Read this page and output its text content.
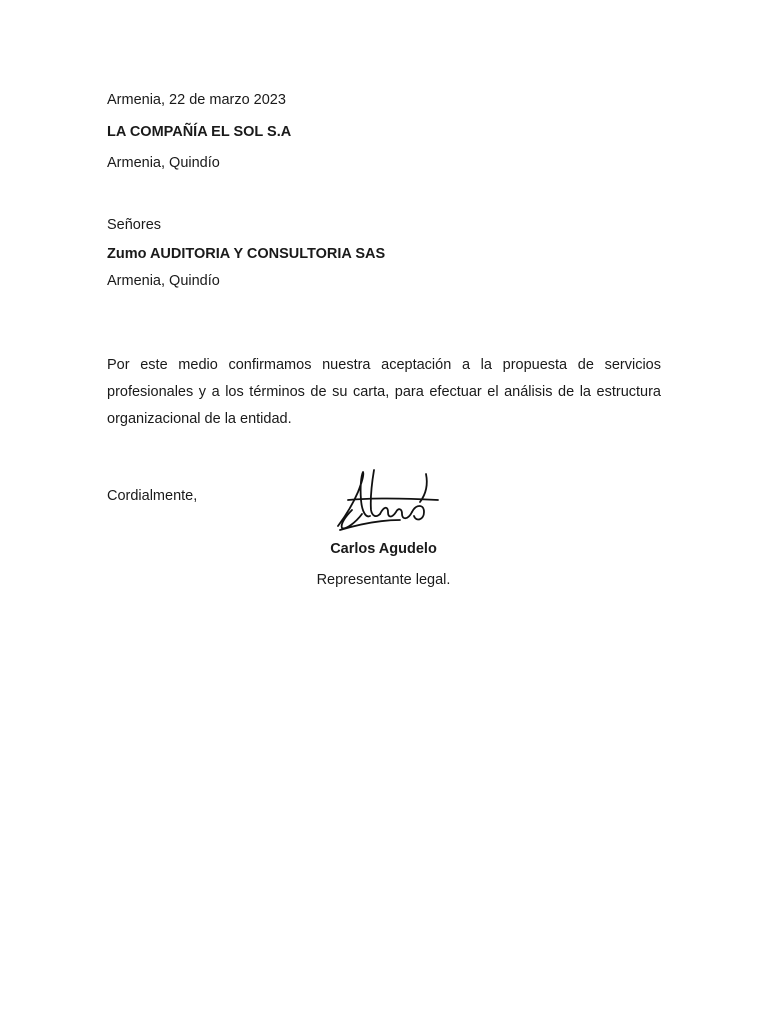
Armenia, 22 de marzo 2023
LA COMPAÑÍA EL SOL S.A
Armenia, Quindío
Señores
Zumo AUDITORIA Y CONSULTORIA SAS
Armenia, Quindío
Por este medio confirmamos nuestra aceptación a la propuesta de servicios profesionales y a los términos de su carta, para efectuar el análisis de la estructura organizacional de la entidad.
Cordialmente,
Carlos Agudelo
Representante legal.
